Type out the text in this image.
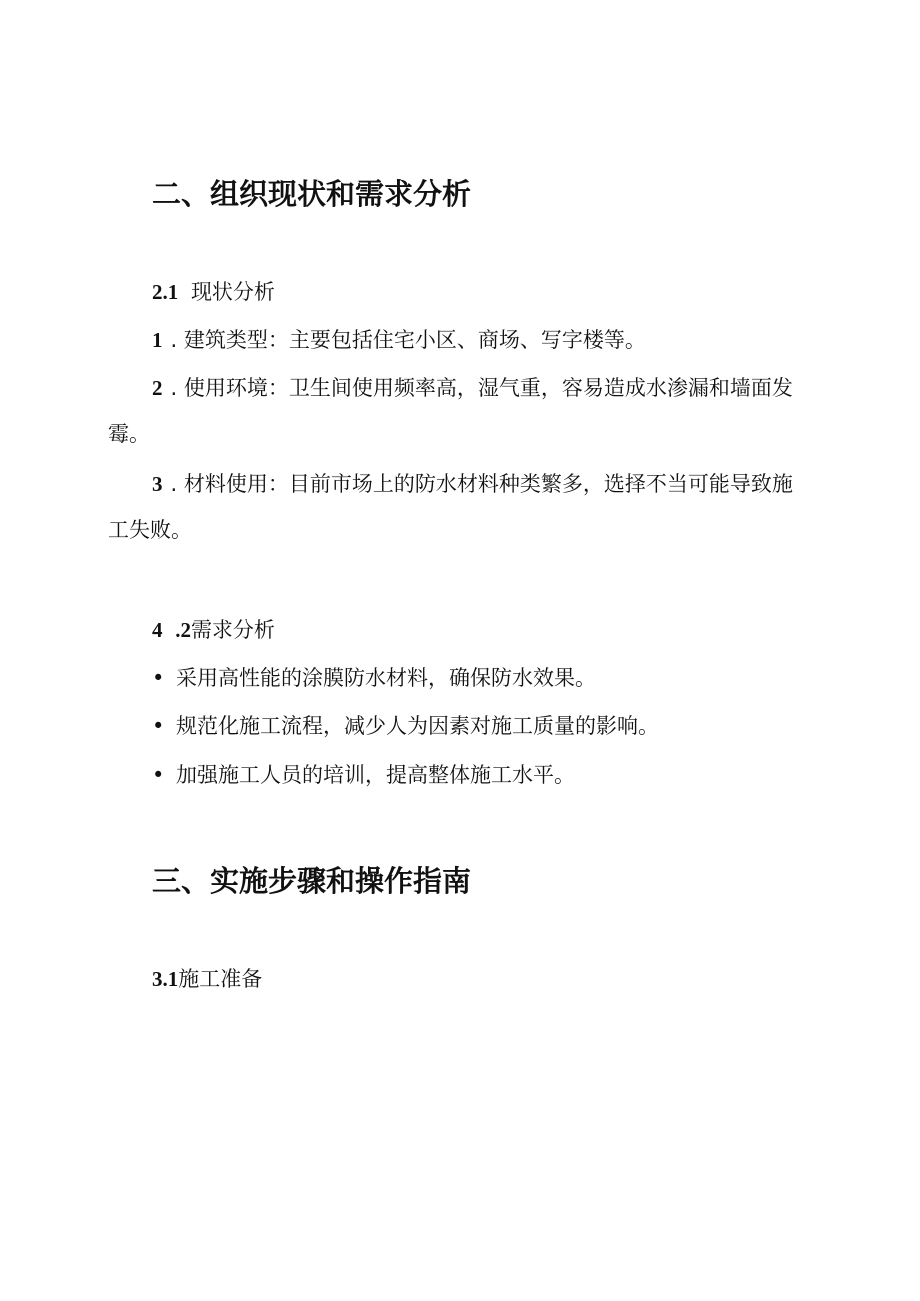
二、组织现状和需求分析
2.1 现状分析
1 . 建筑类型：主要包括住宅小区、商场、写字楼等。
2 . 使用环境：卫生间使用频率高，湿气重，容易造成水渗漏和墙面发霉。
3 . 材料使用：目前市场上的防水材料种类繁多，选择不当可能导致施工失败。
4 .2需求分析
• 采用高性能的涂膜防水材料，确保防水效果。
• 规范化施工流程，减少人为因素对施工质量的影响。
• 加强施工人员的培训，提高整体施工水平。
三、实施步骤和操作指南
3.1施工准备
